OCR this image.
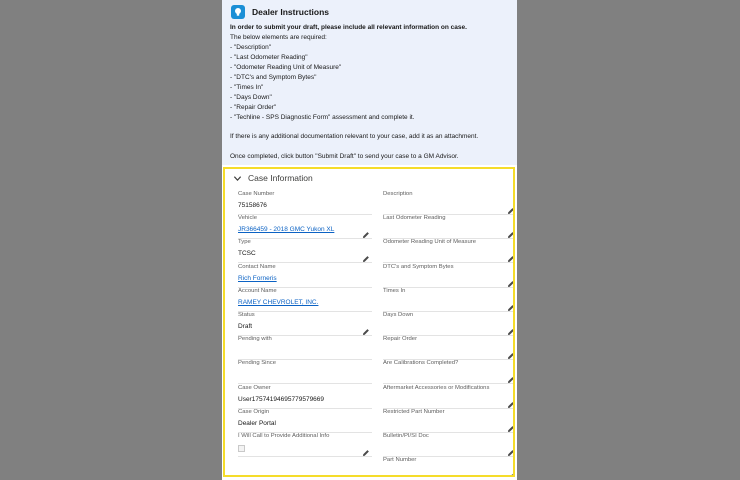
Dealer Instructions
In order to submit your draft, please include all relevant information on case.
The below elements are required:
- "Description"
- "Last Odometer Reading"
- "Odometer Reading Unit of Measure"
- "DTC's and Symptom Bytes"
- "Times In"
- "Days Down"
- "Repair Order"
- "Techline - SPS Diagnostic Form" assessment and complete it.
If there is any additional documentation relevant to your case, add it as an attachment.
Once completed, click button "Submit Draft" to send your case to a GM Advisor.
Case Information
Case Number
75158676
Vehicle
JR366459 - 2018 GMC Yukon XL
Type
TCSC
Contact Name
Rich Forneris
Account Name
RAMEY CHEVROLET, INC.
Status
Draft
Pending with
Pending Since
Case Owner
User17574194695779579669
Case Origin
Dealer Portal
I Will Call to Provide Additional Info
Description
Last Odometer Reading
Odometer Reading Unit of Measure
DTC's and Symptom Bytes
Times In
Days Down
Repair Order
Are Calibrations Completed?
Aftermarket Accessories or Modifications
Restricted Part Number
Bulletin/PI/SI Doc
Part Number
